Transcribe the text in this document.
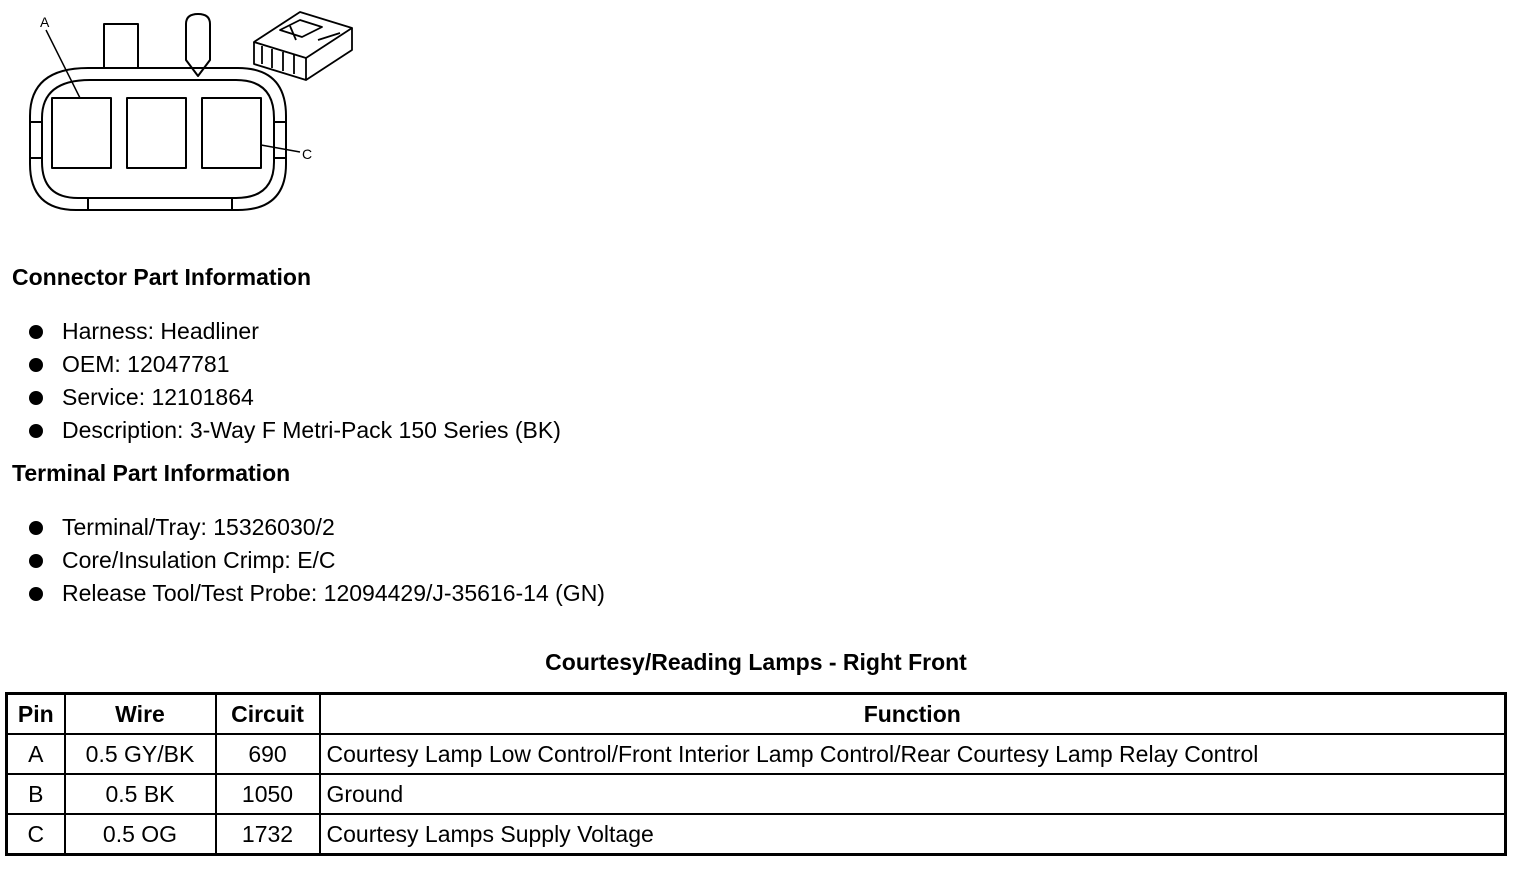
A
C
Connector Part Information
Harness: Headliner
OEM: 12047781
Service: 12101864
Description: 3-Way F Metri-Pack 150 Series (BK)
Terminal Part Information
Terminal/Tray: 15326030/2
Core/Insulation Crimp: E/C
Release Tool/Test Probe: 12094429/J-35616-14 (GN)
Courtesy/Reading Lamps - Right Front
Pin	Wire	Circuit	Function
A	0.5 GY/BK	690	Courtesy Lamp Low Control/Front Interior Lamp Control/Rear Courtesy Lamp Relay Control
B	0.5 BK	1050	Ground
C	0.5 OG	1732	Courtesy Lamps Supply Voltage
